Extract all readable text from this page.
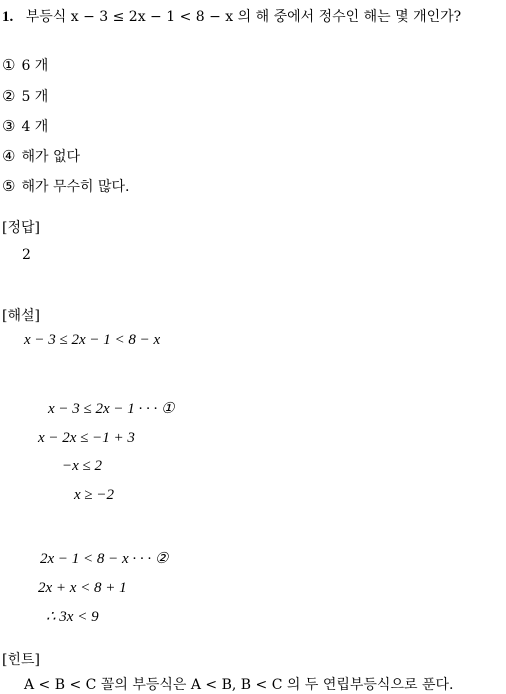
1. 부등식 x − 3 ≤ 2x − 1 < 8 − x 의 해 중에서 정수인 해는 몇 개인가?
① 6 개
② 5 개
③ 4 개
④ 해가 없다
⑤ 해가 무수히 많다.
[정답]
2
[해설]
x − 3 ≤ 2x − 1 < 8 − x
x − 3 ≤ 2x − 1 · · · ①
x − 2x ≤ −1 + 3
−x ≤ 2
x ≥ −2
2x − 1 < 8 − x · · · ②
2x + x < 8 + 1
∴ 3x < 9
[힌트]
A < B < C 꼴의 부등식은 A < B, B < C 의 두 연립부등식으로 푼다.
